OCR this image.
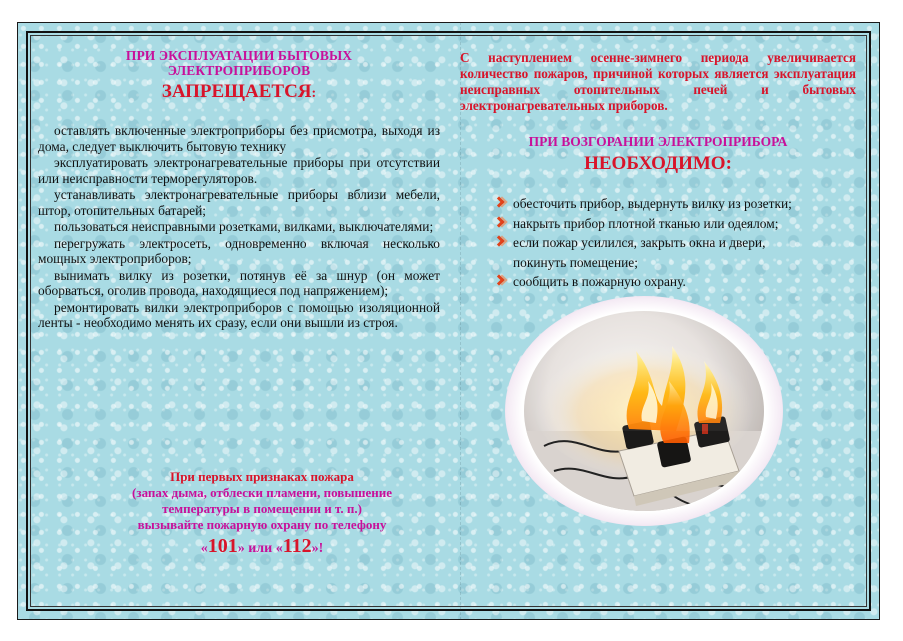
ПРИ ЭКСПЛУАТАЦИИ БЫТОВЫХ
ЭЛЕКТРОПРИБОРОВ
ЗАПРЕЩАЕТСЯ:
оставлять включенные электроприборы без присмотра, выходя из дома, следует выключить бытовую технику
эксплуатировать электронагревательные приборы при отсутствии или неисправности терморегуляторов.
устанавливать электронагревательные приборы вблизи мебели, штор, отопительных батарей;
пользоваться неисправными розетками, вилками, выключателями;
перегружать электросеть, одновременно включая несколько мощных электроприборов;
вынимать вилку из розетки, потянув её за шнур (он может оборваться, оголив провода, находящиеся под напряжением);
ремонтировать вилки электроприборов с помощью изоляционной ленты - необходимо менять их сразу, если они вышли из строя.
При первых признаках пожара
(запах дыма, отблески пламени, повышение
температуры в помещении и т. п.)
вызывайте пожарную охрану по телефону
«101» или «112»!
С наступлением осенне-зимнего периода увеличивается количество пожаров, причиной которых является эксплуатация неисправных отопительных печей и бытовых электронагревательных приборов.
ПРИ ВОЗГОРАНИИ ЭЛЕКТРОПРИБОРА
НЕОБХОДИМО:
обесточить прибор, выдернуть вилку из розетки;
накрыть прибор плотной тканью или одеялом;
если пожар усилился, закрыть окна и двери,
покинуть помещение;
сообщить в пожарную охрану.
